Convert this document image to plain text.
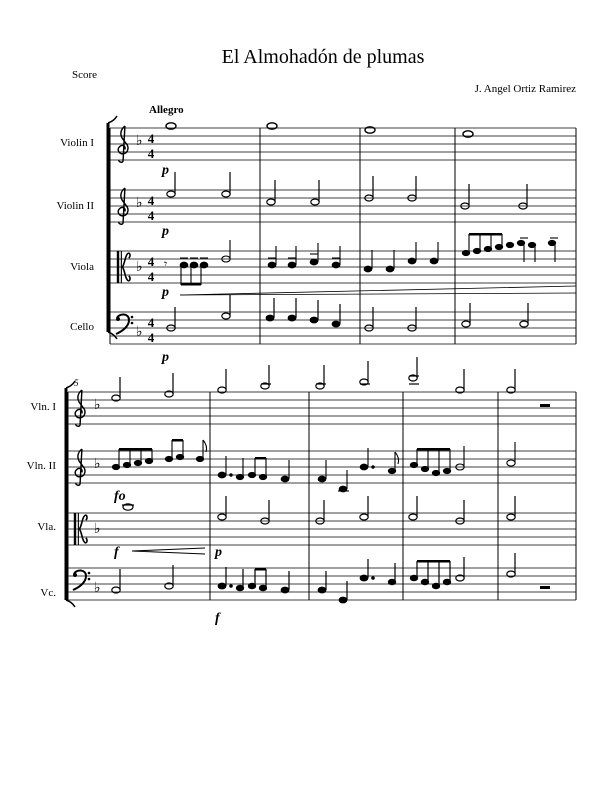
El Almohadón de plumas
Score
J. Angel Ortiz Ramirez
Allegro
Violin I
Violin II
Viola
Cello
♭
♭
♭
♭
4
4
4
4
4
4
4
4
𝄾
p
p
p
p
5
Vln. I
Vln. II
Vla.
Vc.
♭
♭
♭
♭
fo
f	p
f
